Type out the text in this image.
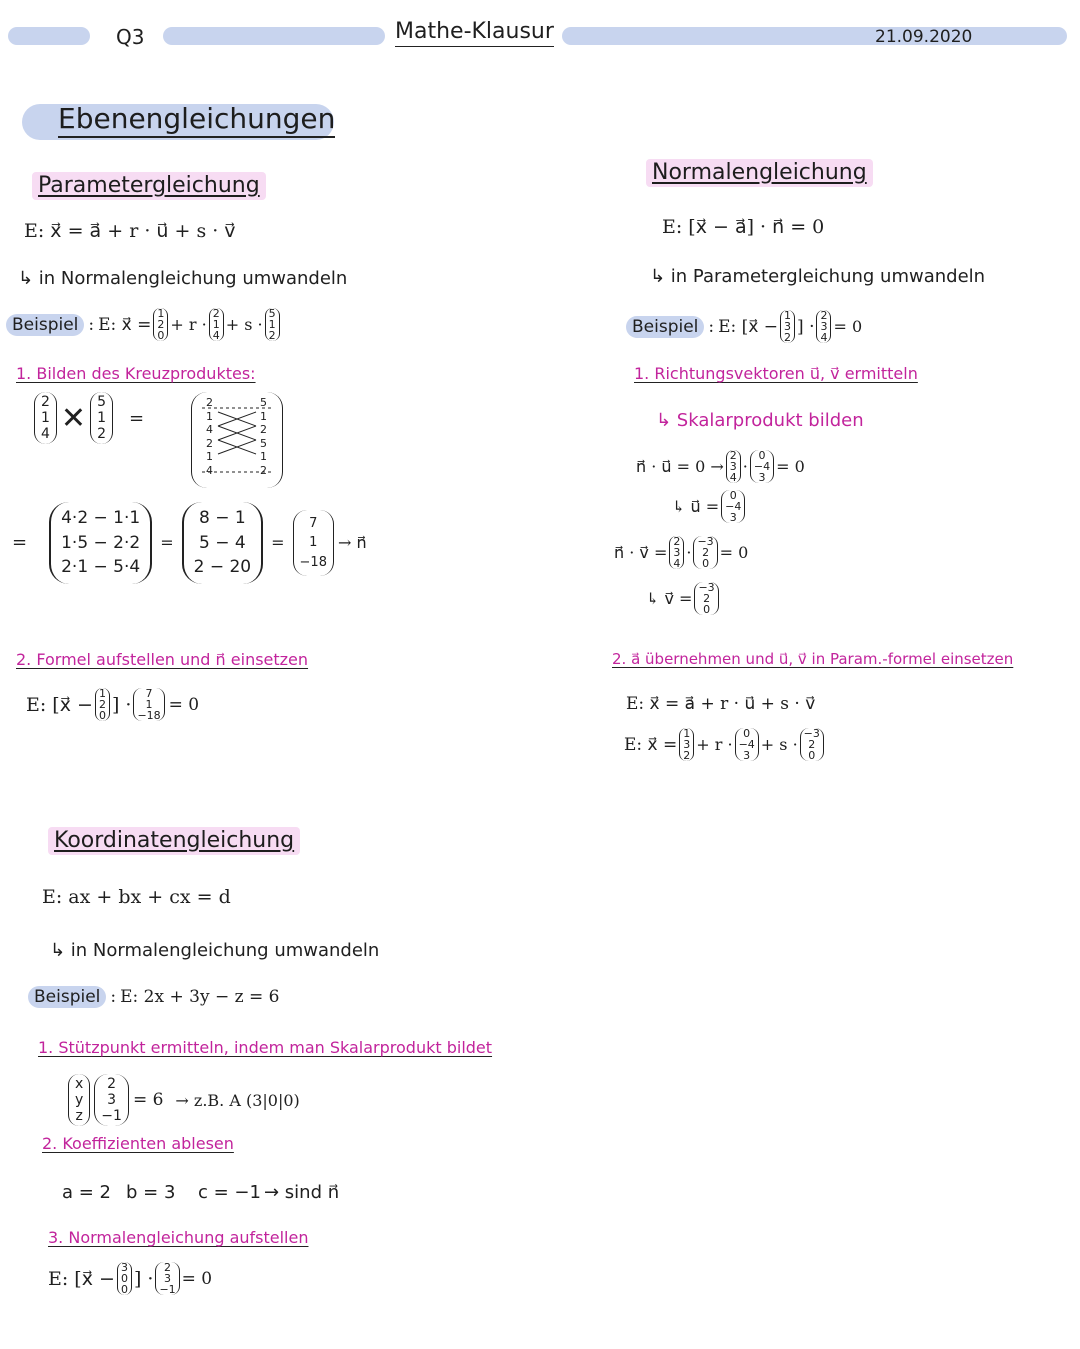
Q3	Mathe-Klausur	21.09.2020
Ebenengleichungen
Parametergleichung
E: x⃗ = a⃗ + r · u⃗ + s · v⃗
↳ in Normalengleichung umwandeln
Beispiel : E: x⃗ =
1
2
0
+ r ·
2
1
4
+ s ·
5
1
2
1. Bilden des Kreuzproduktes:
2
1
4 ✕ 5
1
2
=
2
1
4
2
1
4
5
1
2
5
1
2
=
4·2 − 1·1
1·5 − 2·2
2·1 − 5·4
=
8 − 1
5 − 4
2 − 20
=
7
1
−18
→ n⃗
2. Formel aufstellen und n⃗ einsetzen
E: [x⃗ − 1
2
0 ] · 7
1
−18
= 0
Normalengleichung
E: [x⃗ − a⃗] · n⃗ = 0
↳ in Parametergleichung umwandeln
Beispiel : E: [x⃗ −
1
3
2
] ·
2
3
4
= 0
1. Richtungsvektoren u⃗, v⃗ ermitteln
↳ Skalarprodukt bilden
n⃗ · u⃗ = 0 →
2
3
4
·
0
−4
3
= 0
↳ u⃗ =
0
−4
3
n⃗ · v⃗ =
2
3
4
·
−3
2
0
= 0
↳ v⃗ =
−3
2
0
2. a⃗ übernehmen und u⃗, v⃗ in Param.-formel einsetzen
E: x⃗ = a⃗ + r · u⃗ + s · v⃗
E: x⃗ =
1
3
2
+ r ·
0
−4
3
+ s ·
−3
2
0
Koordinatengleichung
E: ax + bx + cx = d
↳ in Normalengleichung umwandeln
Beispiel : E: 2x + 3y − z = 6
1. Stützpunkt ermitteln, indem man Skalarprodukt bildet
x
y
z
2
3
−1
= 6 → z.B. A (3|0|0)
2. Koeffizienten ablesen
a = 2 b = 3 c = −1 → sind n⃗
3. Normalengleichung aufstellen
E: [x⃗ − 3
0
0 ] · 2
3
−1
= 0
